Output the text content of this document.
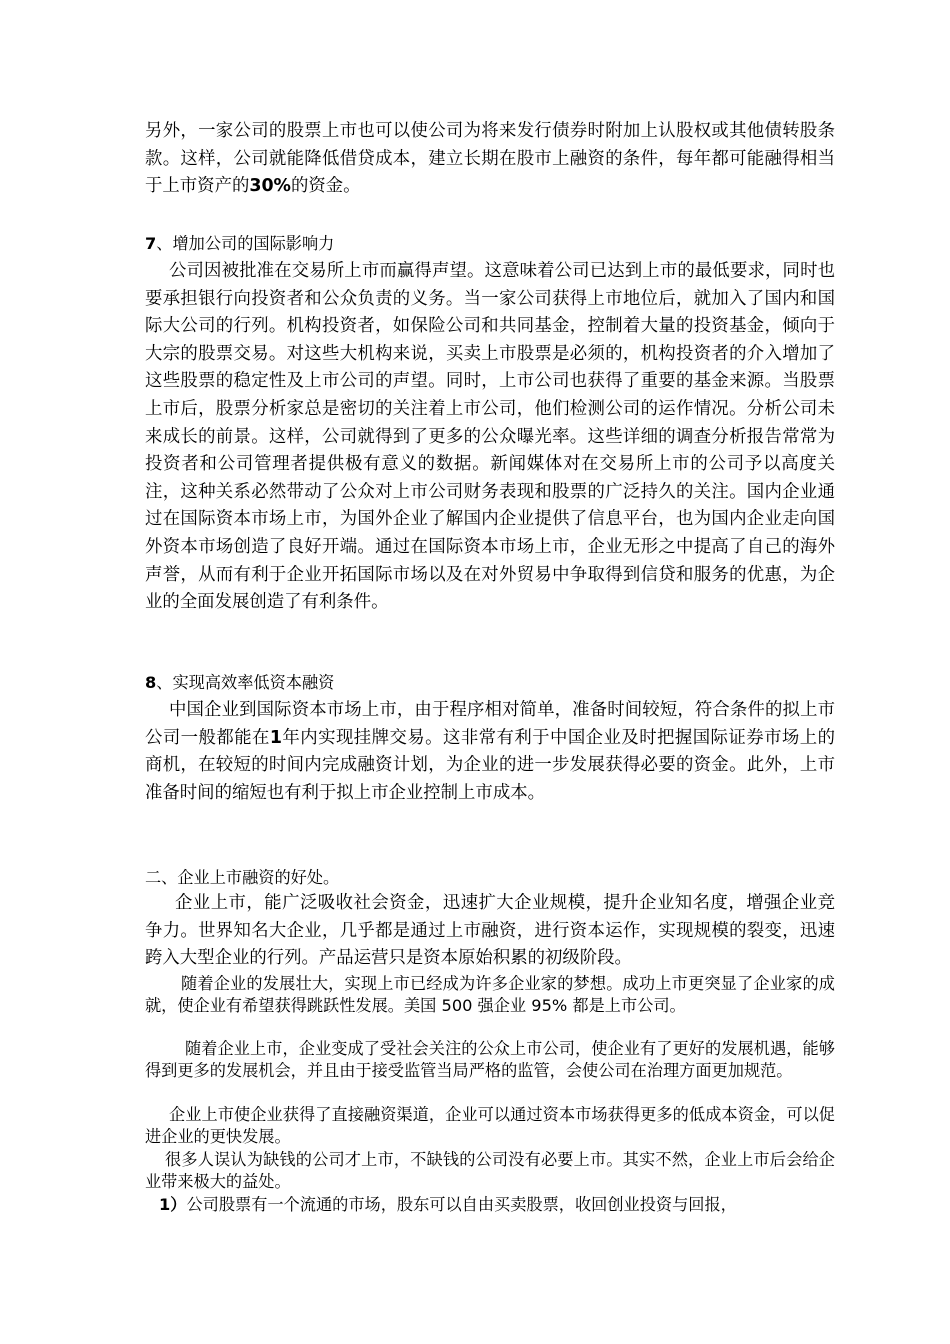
另外，一家公司的股票上市也可以使公司为将来发行债券时附加上认股权或其他债转股条款。这样，公司就能降低借贷成本，建立长期在股市上融资的条件，每年都可能融得相当于上市资产的30%的资金。

7、增加公司的国际影响力

公司因被批准在交易所上市而赢得声望。这意味着公司已达到上市的最低要求，同时也要承担银行向投资者和公众负责的义务。当一家公司获得上市地位后，就加入了国内和国际大公司的行列。机构投资者，如保险公司和共同基金，控制着大量的投资基金，倾向于大宗的股票交易。对这些大机构来说，买卖上市股票是必须的，机构投资者的介入增加了这些股票的稳定性及上市公司的声望。同时，上市公司也获得了重要的基金来源。当股票上市后，股票分析家总是密切的关注着上市公司，他们检测公司的运作情况。分析公司未来成长的前景。这样，公司就得到了更多的公众曝光率。这些详细的调查分析报告常常为投资者和公司管理者提供极有意义的数据。新闻媒体对在交易所上市的公司予以高度关注，这种关系必然带动了公众对上市公司财务表现和股票的广泛持久的关注。国内企业通过在国际资本市场上市，为国外企业了解国内企业提供了信息平台，也为国内企业走向国外资本市场创造了良好开端。通过在国际资本市场上市，企业无形之中提高了自己的海外声誉，从而有利于企业开拓国际市场以及在对外贸易中争取得到信贷和服务的优惠，为企业的全面发展创造了有利条件。

8、实现高效率低资本融资

中国企业到国际资本市场上市，由于程序相对简单，准备时间较短，符合条件的拟上市公司一般都能在1年内实现挂牌交易。这非常有利于中国企业及时把握国际证券市场上的商机，在较短的时间内完成融资计划，为企业的进一步发展获得必要的资金。此外，上市准备时间的缩短也有利于拟上市企业控制上市成本。

二、企业上市融资的好处。

企业上市，能广泛吸收社会资金，迅速扩大企业规模，提升企业知名度，增强企业竞争力。世界知名大企业，几乎都是通过上市融资，进行资本运作，实现规模的裂变，迅速跨入大型企业的行列。产品运营只是资本原始积累的初级阶段。

随着企业的发展壮大，实现上市已经成为许多企业家的梦想。成功上市更突显了企业家的成就，使企业有希望获得跳跃性发展。美国 500 强企业 95% 都是上市公司。

随着企业上市，企业变成了受社会关注的公众上市公司，使企业有了更好的发展机遇，能够得到更多的发展机会，并且由于接受监管当局严格的监管，会使公司在治理方面更加规范。

企业上市使企业获得了直接融资渠道，企业可以通过资本市场获得更多的低成本资金，可以促进企业的更快发展。

很多人误认为缺钱的公司才上市，不缺钱的公司没有必要上市。其实不然，企业上市后会给企业带来极大的益处。

1）公司股票有一个流通的市场，股东可以自由买卖股票，收回创业投资与回报，
